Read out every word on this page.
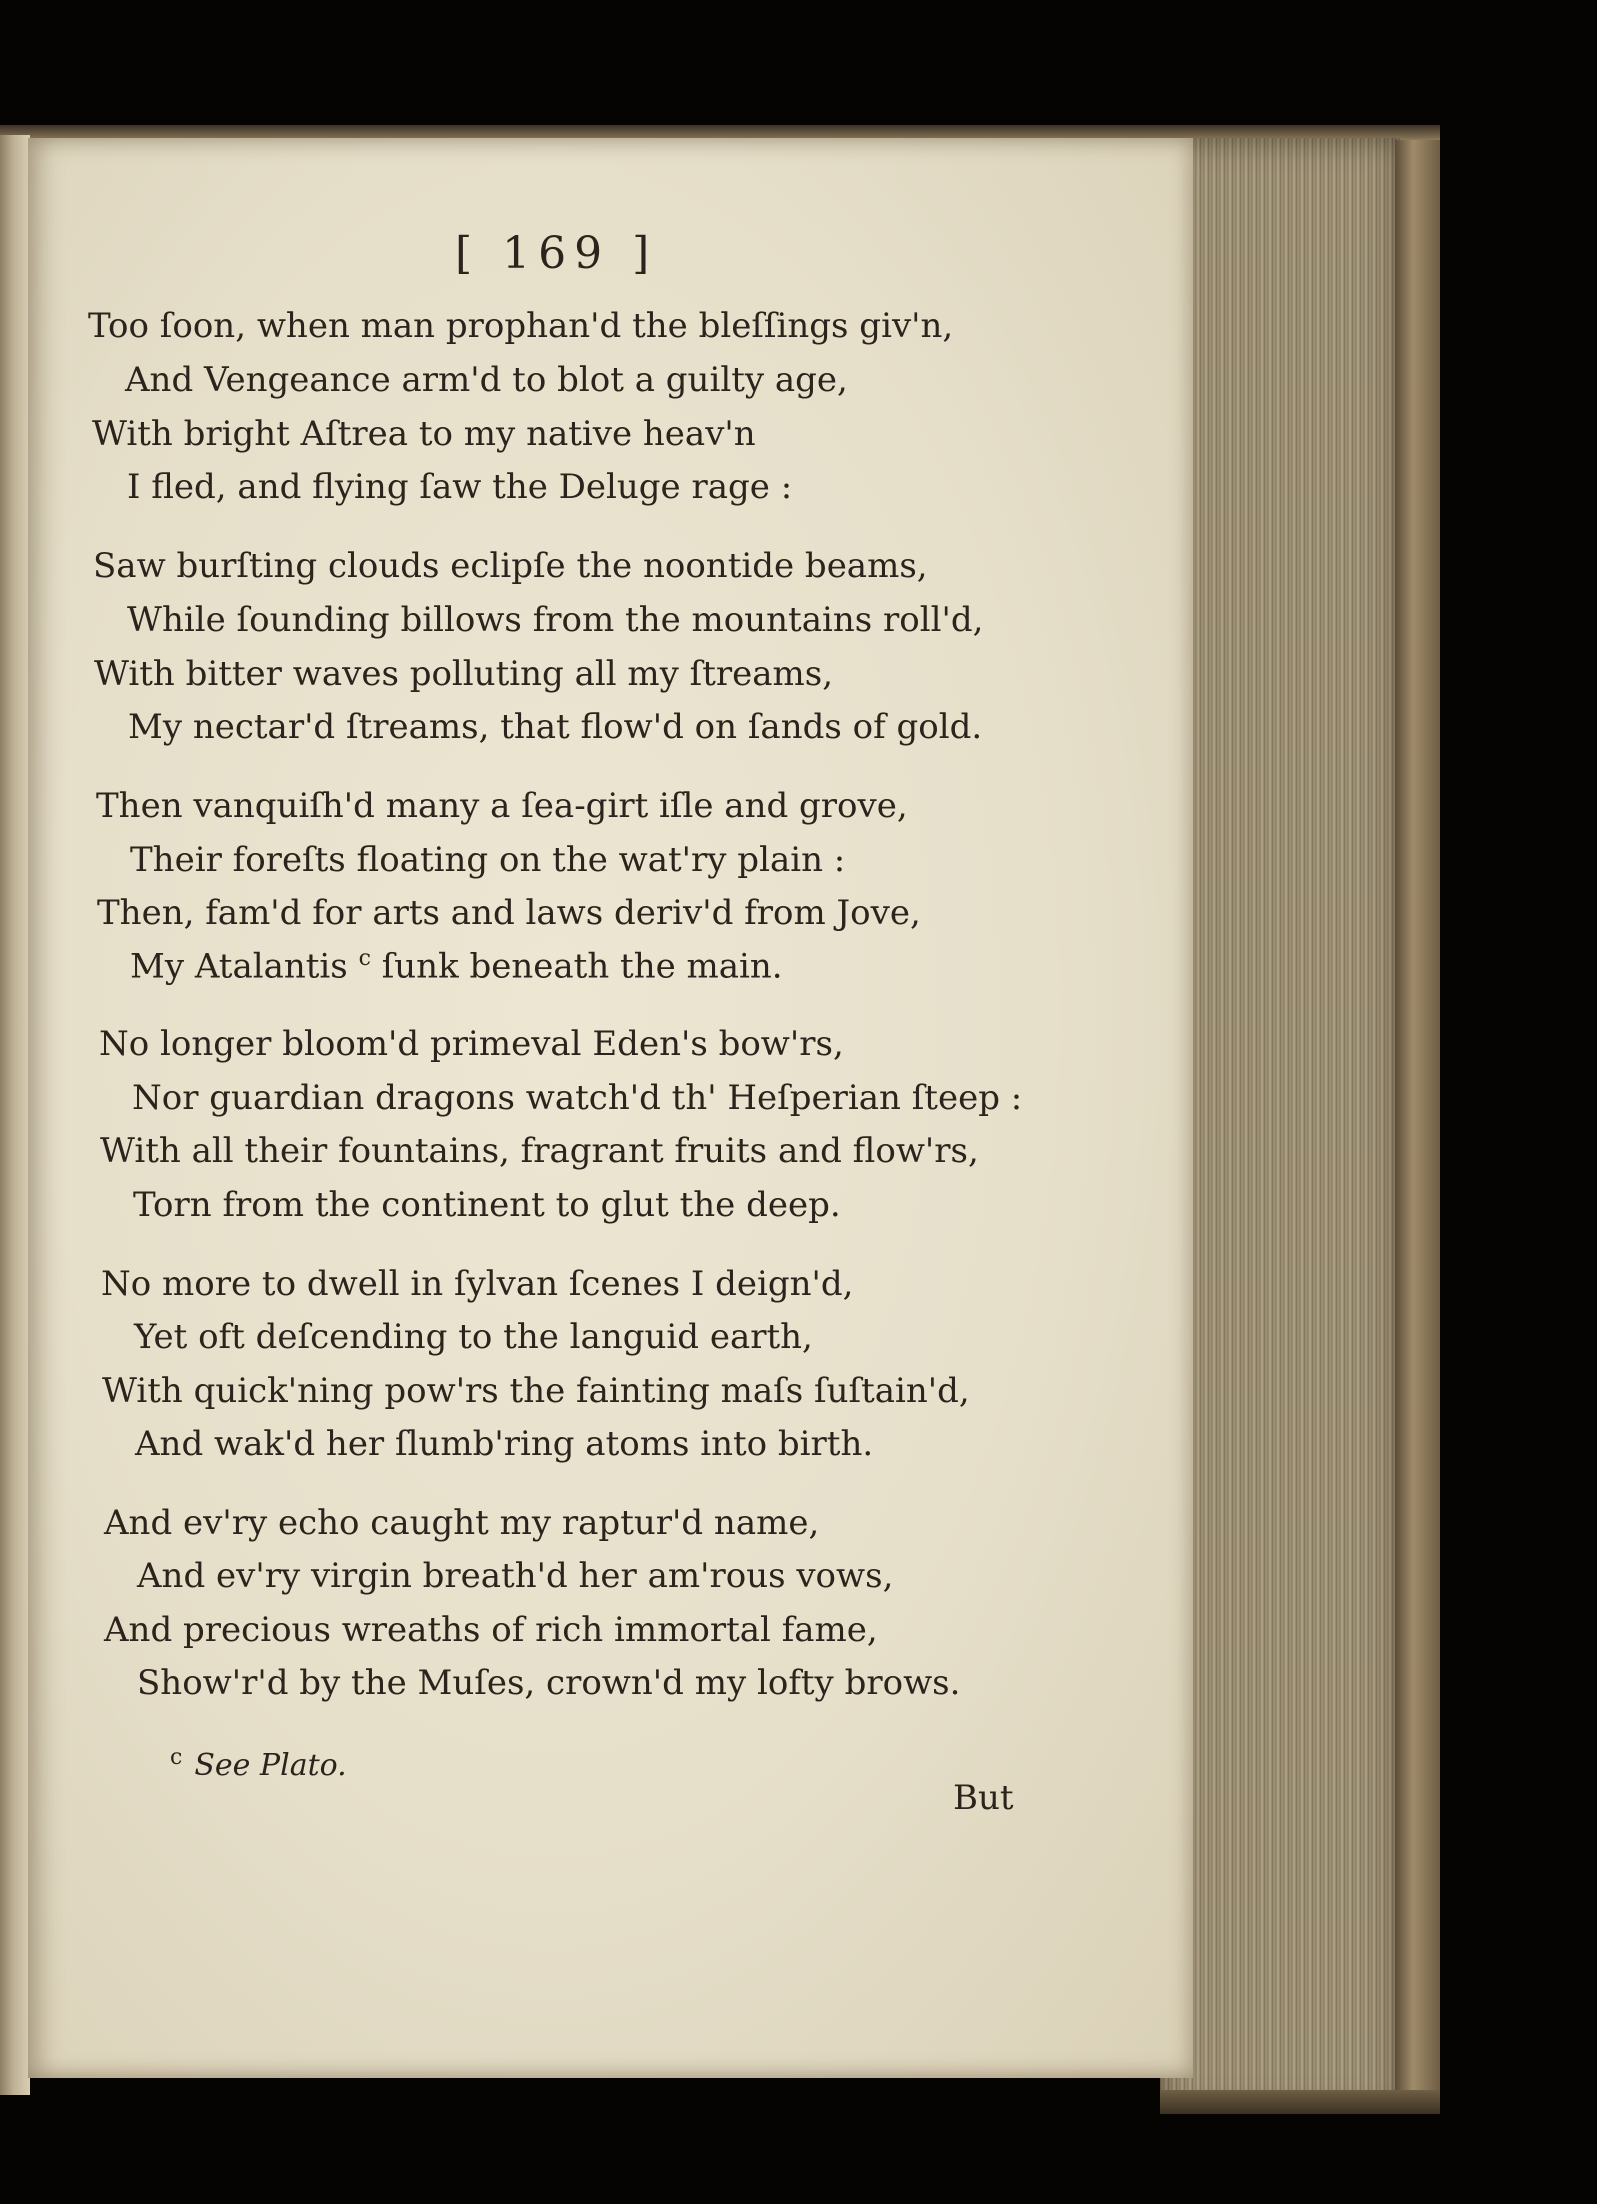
[ 169 ]
Too ſoon, when man prophan'd the bleſſings giv'n,
And Vengeance arm'd to blot a guilty age,
With bright Aſtrea to my native heav'n
I fled, and flying ſaw the Deluge rage :
Saw burſting clouds eclipſe the noontide beams,
While ſounding billows from the mountains roll'd,
With bitter waves polluting all my ſtreams,
My nectar'd ſtreams, that flow'd on ſands of gold.
Then vanquiſh'd many a ſea-girt iſle and grove,
Their foreſts floating on the wat'ry plain :
Then, fam'd for arts and laws deriv'd from Jove,
My Atalantis $^c$ ſunk beneath the main.
No longer bloom'd primeval Eden's bow'rs,
Nor guardian dragons watch'd th' Heſperian ſteep :
With all their fountains, fragrant fruits and flow'rs,
Torn from the continent to glut the deep.
No more to dwell in ſylvan ſcenes I deign'd,
Yet oft deſcending to the languid earth,
With quick'ning pow'rs the fainting maſs ſuſtain'd,
And wak'd her ſlumb'ring atoms into birth.
And ev'ry echo caught my raptur'd name,
And ev'ry virgin breath'd her am'rous vows,
And precious wreaths of rich immortal fame,
Show'r'd by the Muſes, crown'd my lofty brows.
$^c$ See Plato.
But
